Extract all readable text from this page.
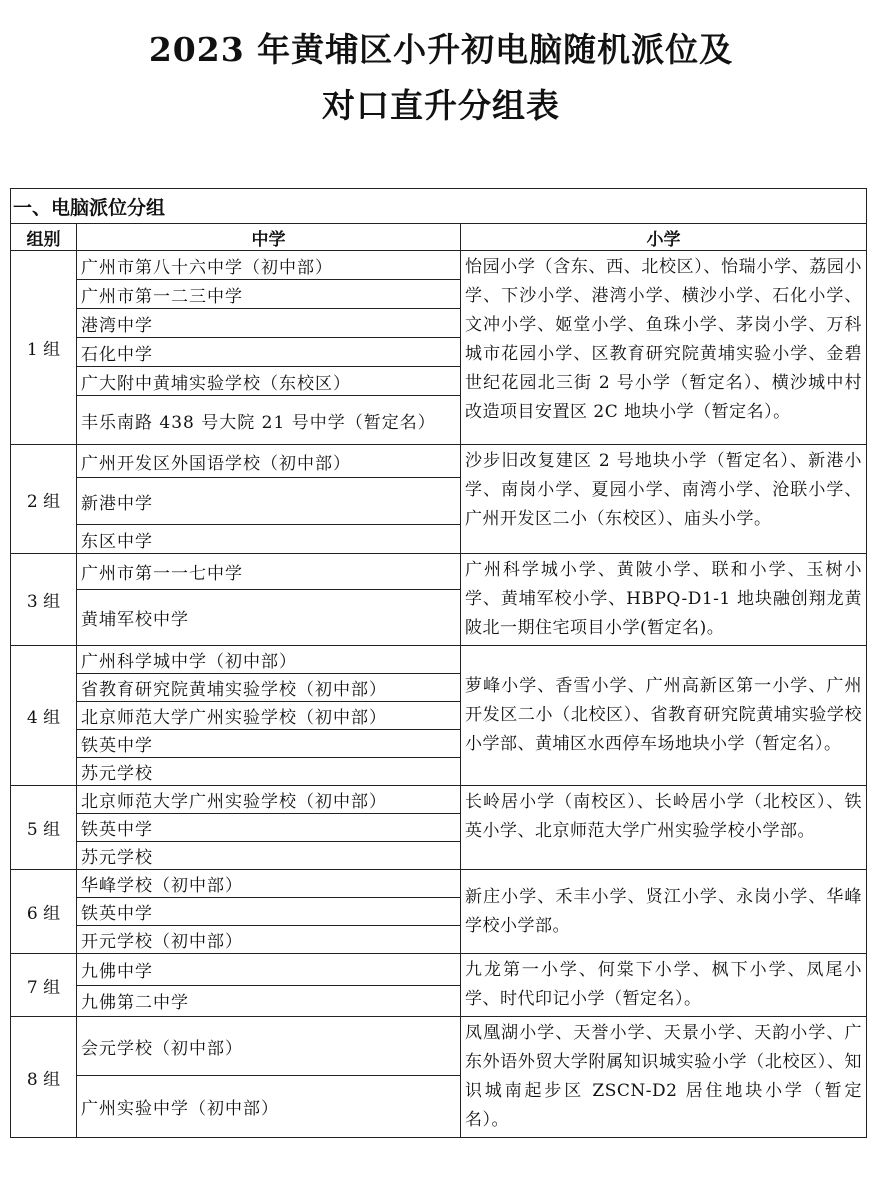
2023 年黄埔区小升初电脑随机派位及
对口直升分组表
一、电脑派位分组		
组别	中学	小学
1 组	广州市第八十六中学（初中部）	怡园小学（含东、西、北校区）、怡瑞小学、荔园小学、下沙小学、港湾小学、横沙小学、石化小学、文冲小学、姬堂小学、鱼珠小学、茅岗小学、万科城市花园小学、区教育研究院黄埔实验小学、金碧世纪花园北三街 2 号小学（暂定名）、横沙城中村改造项目安置区 2C 地块小学（暂定名）。
	广州市第一二三中学	
	港湾中学	
	石化中学	
	广大附中黄埔实验学校（东校区）	
	丰乐南路 438 号大院 21 号中学（暂定名）	
2 组	广州开发区外国语学校（初中部）	沙步旧改复建区 2 号地块小学（暂定名）、新港小学、南岗小学、夏园小学、南湾小学、沧联小学、广州开发区二小（东校区）、庙头小学。
	新港中学	
	东区中学	
3 组	广州市第一一七中学	广州科学城小学、黄陂小学、联和小学、玉树小学、黄埔军校小学、HBPQ-D1-1 地块融创翔龙黄陂北一期住宅项目小学(暂定名)。
	黄埔军校中学	
4 组	广州科学城中学（初中部）	萝峰小学、香雪小学、广州高新区第一小学、广州开发区二小（北校区）、省教育研究院黄埔实验学校小学部、黄埔区水西停车场地块小学（暂定名）。
	省教育研究院黄埔实验学校（初中部）	
	北京师范大学广州实验学校（初中部）	
	铁英中学	
	苏元学校	
5 组	北京师范大学广州实验学校（初中部）	长岭居小学（南校区）、长岭居小学（北校区）、铁英小学、北京师范大学广州实验学校小学部。
	铁英中学	
	苏元学校	
6 组	华峰学校（初中部）	新庄小学、禾丰小学、贤江小学、永岗小学、华峰学校小学部。
	铁英中学	
	开元学校（初中部）	
7 组	九佛中学	九龙第一小学、何棠下小学、枫下小学、凤尾小学、时代印记小学（暂定名）。
	九佛第二中学	
8 组	会元学校（初中部）	凤凰湖小学、天誉小学、天景小学、天韵小学、广东外语外贸大学附属知识城实验小学（北校区）、知识城南起步区 ZSCN-D2 居住地块小学（暂定名）。
	广州实验中学（初中部）	
